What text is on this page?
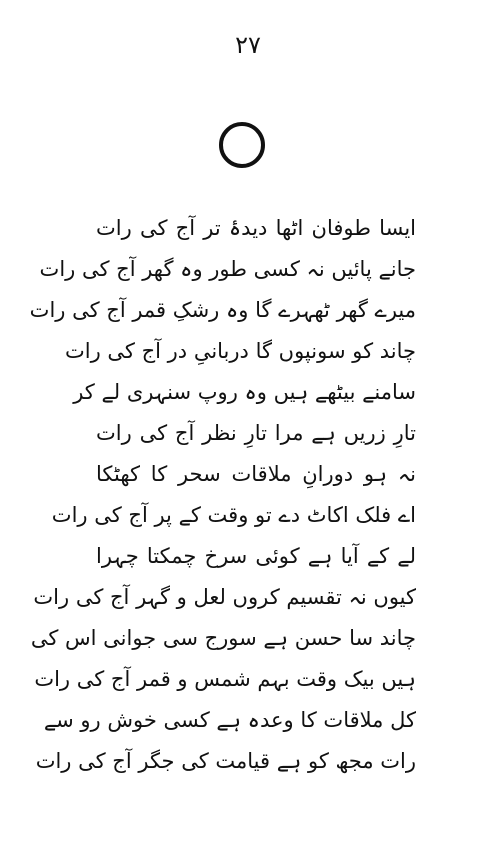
۲۷
ایسا طوفان اٹھا دیدۂ تر آج کی رات
جانے پائیں نہ کسی طور وہ گھر آج کی رات
میرے گھر ٹھہرے گا وہ رشکِ قمر آج کی رات
چاند کو سونپوں گا دربانیِ در آج کی رات
سامنے بیٹھے ہیں وہ روپ سنہری لے کر
تارِ زریں ہے مرا تارِ نظر آج کی رات
نہ ہو دورانِ ملاقات سحر کا کھٹکا
اے فلک اکاٹ دے تو وقت کے پر آج کی رات
لے کے آیا ہے کوئی سرخ چمکتا چہرا
کیوں نہ تقسیم کروں لعل و گہر آج کی رات
چاند سا حسن ہے سورج سی جوانی اس کی
ہیں بیک وقت بہم شمس و قمر آج کی رات
کل ملاقات کا وعدہ ہے کسی خوش رو سے
رات مجھ کو ہے قیامت کی جگر آج کی رات
